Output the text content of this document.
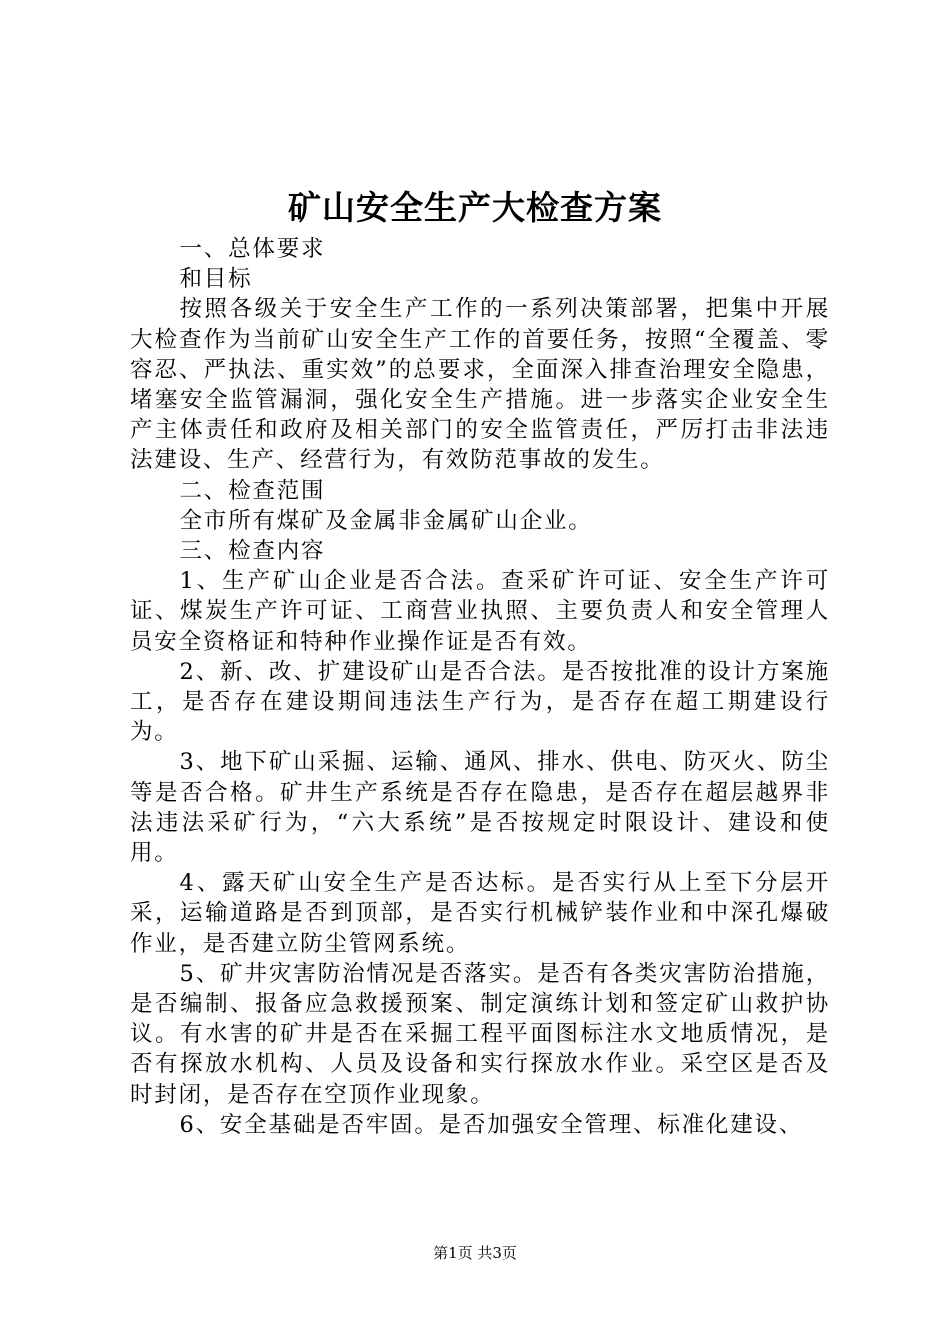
矿山安全生产大检查方案

一、总体要求

和目标

按照各级关于安全生产工作的一系列决策部署，把集中开展大检查作为当前矿山安全生产工作的首要任务，按照“全覆盖、零容忍、严执法、重实效”的总要求，全面深入排查治理安全隐患，堵塞安全监管漏洞，强化安全生产措施。进一步落实企业安全生产主体责任和政府及相关部门的安全监管责任，严厉打击非法违法建设、生产、经营行为，有效防范事故的发生。

二、检查范围

全市所有煤矿及金属非金属矿山企业。

三、检查内容

1、生产矿山企业是否合法。查采矿许可证、安全生产许可证、煤炭生产许可证、工商营业执照、主要负责人和安全管理人员安全资格证和特种作业操作证是否有效。

2、新、改、扩建设矿山是否合法。是否按批准的设计方案施工，是否存在建设期间违法生产行为，是否存在超工期建设行为。

3、地下矿山采掘、运输、通风、排水、供电、防灭火、防尘等是否合格。矿井生产系统是否存在隐患，是否存在超层越界非法违法采矿行为，“六大系统”是否按规定时限设计、建设和使用。

4、露天矿山安全生产是否达标。是否实行从上至下分层开采，运输道路是否到顶部，是否实行机械铲装作业和中深孔爆破作业，是否建立防尘管网系统。

5、矿井灾害防治情况是否落实。是否有各类灾害防治措施，是否编制、报备应急救援预案、制定演练计划和签定矿山救护协议。有水害的矿井是否在采掘工程平面图标注水文地质情况，是否有探放水机构、人员及设备和实行探放水作业。采空区是否及时封闭，是否存在空顶作业现象。

6、安全基础是否牢固。是否加强安全管理、标准化建设、

第1页 共3页
